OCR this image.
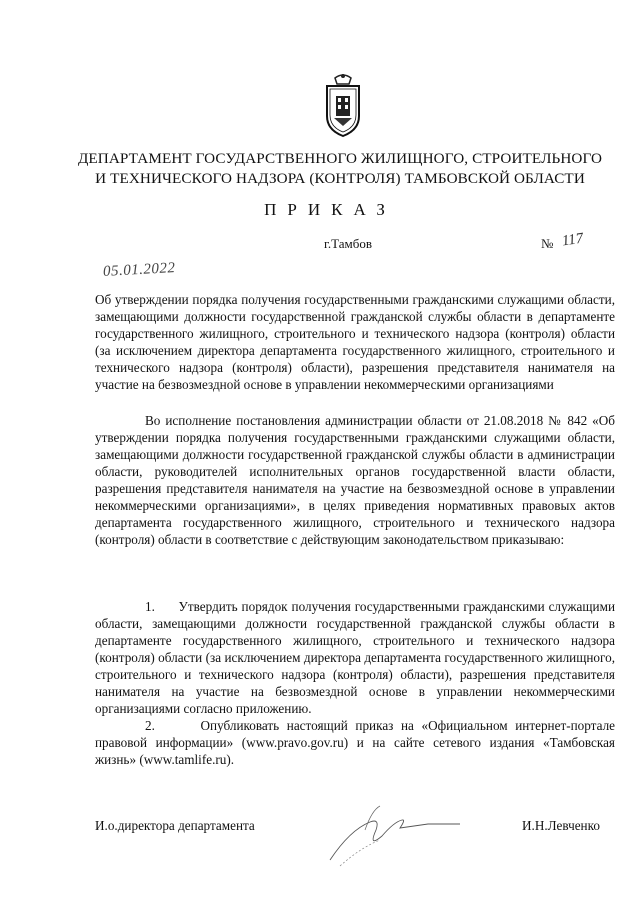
ДЕПАРТАМЕНТ ГОСУДАРСТВЕННОГО ЖИЛИЩНОГО, СТРОИТЕЛЬНОГО
И ТЕХНИЧЕСКОГО НАДЗОРА (КОНТРОЛЯ) ТАМБОВСКОЙ ОБЛАСТИ
ПРИКАЗ
г.Тамбов	№ 117
05.01.2022
Об утверждении порядка получения государственными гражданскими служащими области, замещающими должности государственной гражданской службы области в департаменте государственного жилищного, строительного и технического надзора (контроля) области (за исключением директора департамента государственного жилищного, строительного и технического надзора (контроля) области), разрешения представителя нанимателя на участие на безвозмездной основе в управлении некоммерческими организациями
Во исполнение постановления администрации области от 21.08.2018 № 842 «Об утверждении порядка получения государственными гражданскими служащими области, замещающими должности государственной гражданской службы области в администрации области, руководителей исполнительных органов государственной власти области, разрешения представителя нанимателя на участие на безвозмездной основе в управлении некоммерческими организациями», в целях приведения нормативных правовых актов департамента государственного жилищного, строительного и технического надзора (контроля) области в соответствие с действующим законодательством приказываю:

1. Утвердить порядок получения государственными гражданскими служащими области, замещающими должности государственной гражданской службы области в департаменте государственного жилищного, строительного и технического надзора (контроля) области (за исключением директора департамента государственного жилищного, строительного и технического надзора (контроля) области), разрешения представителя нанимателя на участие на безвозмездной основе в управлении некоммерческими организациями согласно приложению.

2.	Опубликовать настоящий приказ на «Официальном интернет-портале правовой информации» (www.pravo.gov.ru) и на сайте сетевого издания «Тамбовская жизнь» (www.tamlife.ru).

И.о.директора департамента	И.Н.Левченко
